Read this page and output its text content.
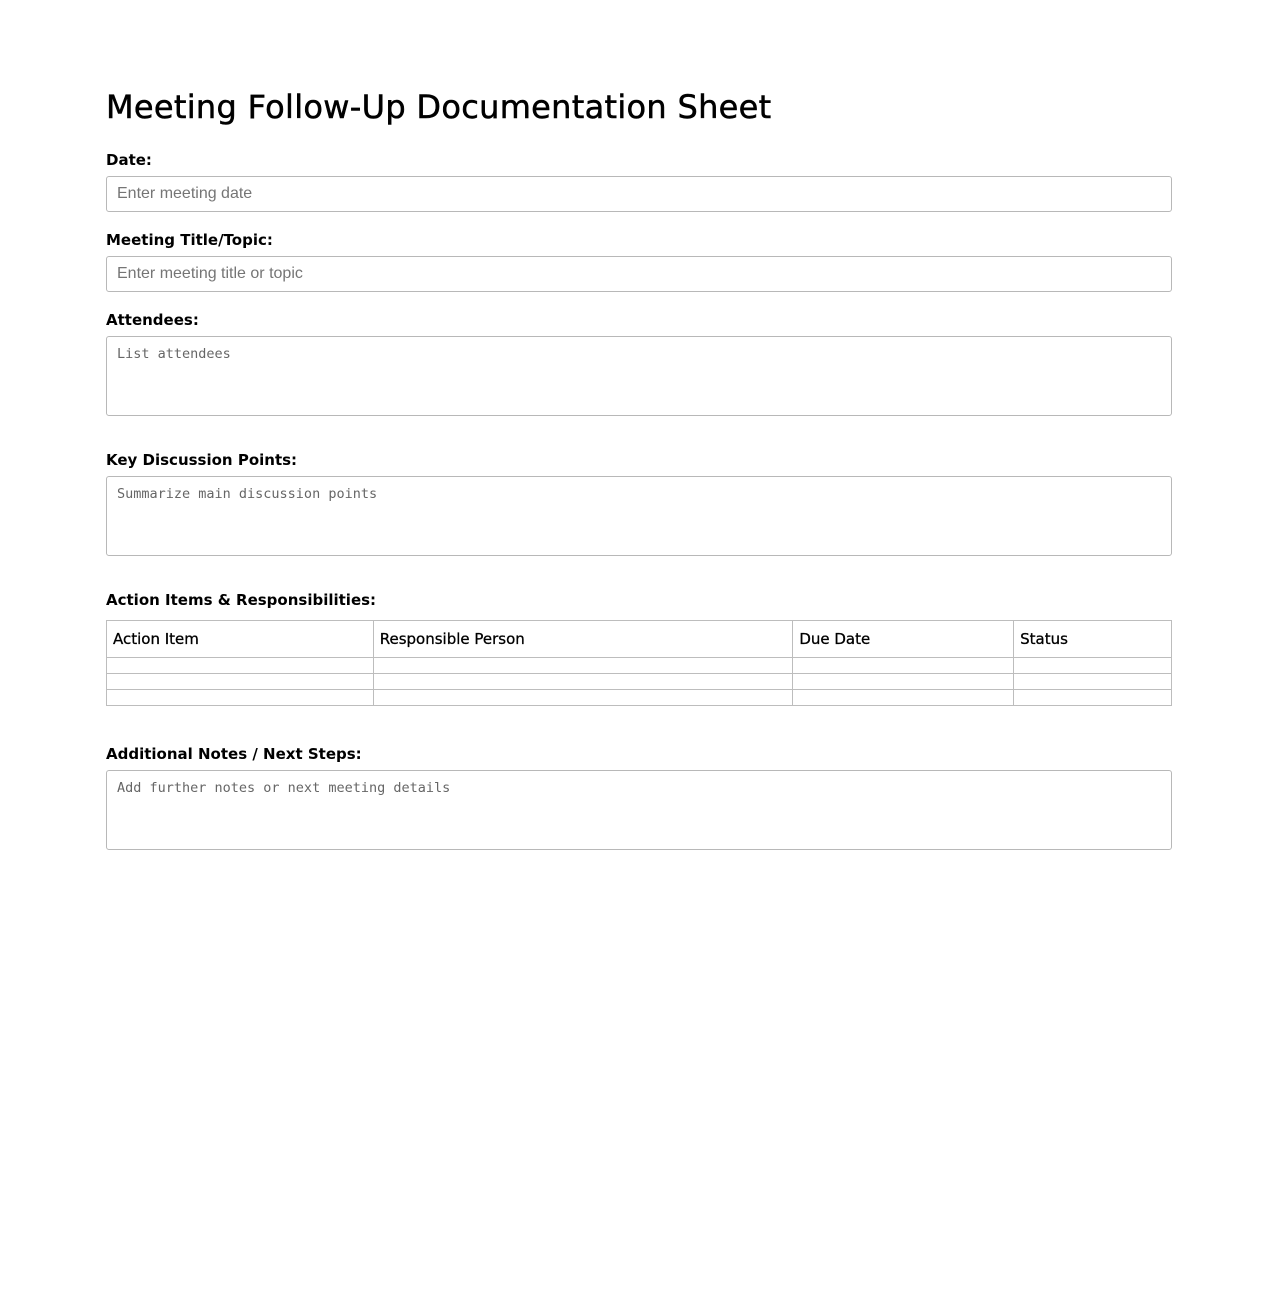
Meeting Follow-Up Documentation Sheet
Date:
Enter meeting date
Meeting Title/Topic:
Enter meeting title or topic
Attendees:
List attendees
Key Discussion Points:
Summarize main discussion points
Action Items & Responsibilities:
Action Item	Responsible Person	Due Date	Status

Additional Notes / Next Steps:
Add further notes or next meeting details
